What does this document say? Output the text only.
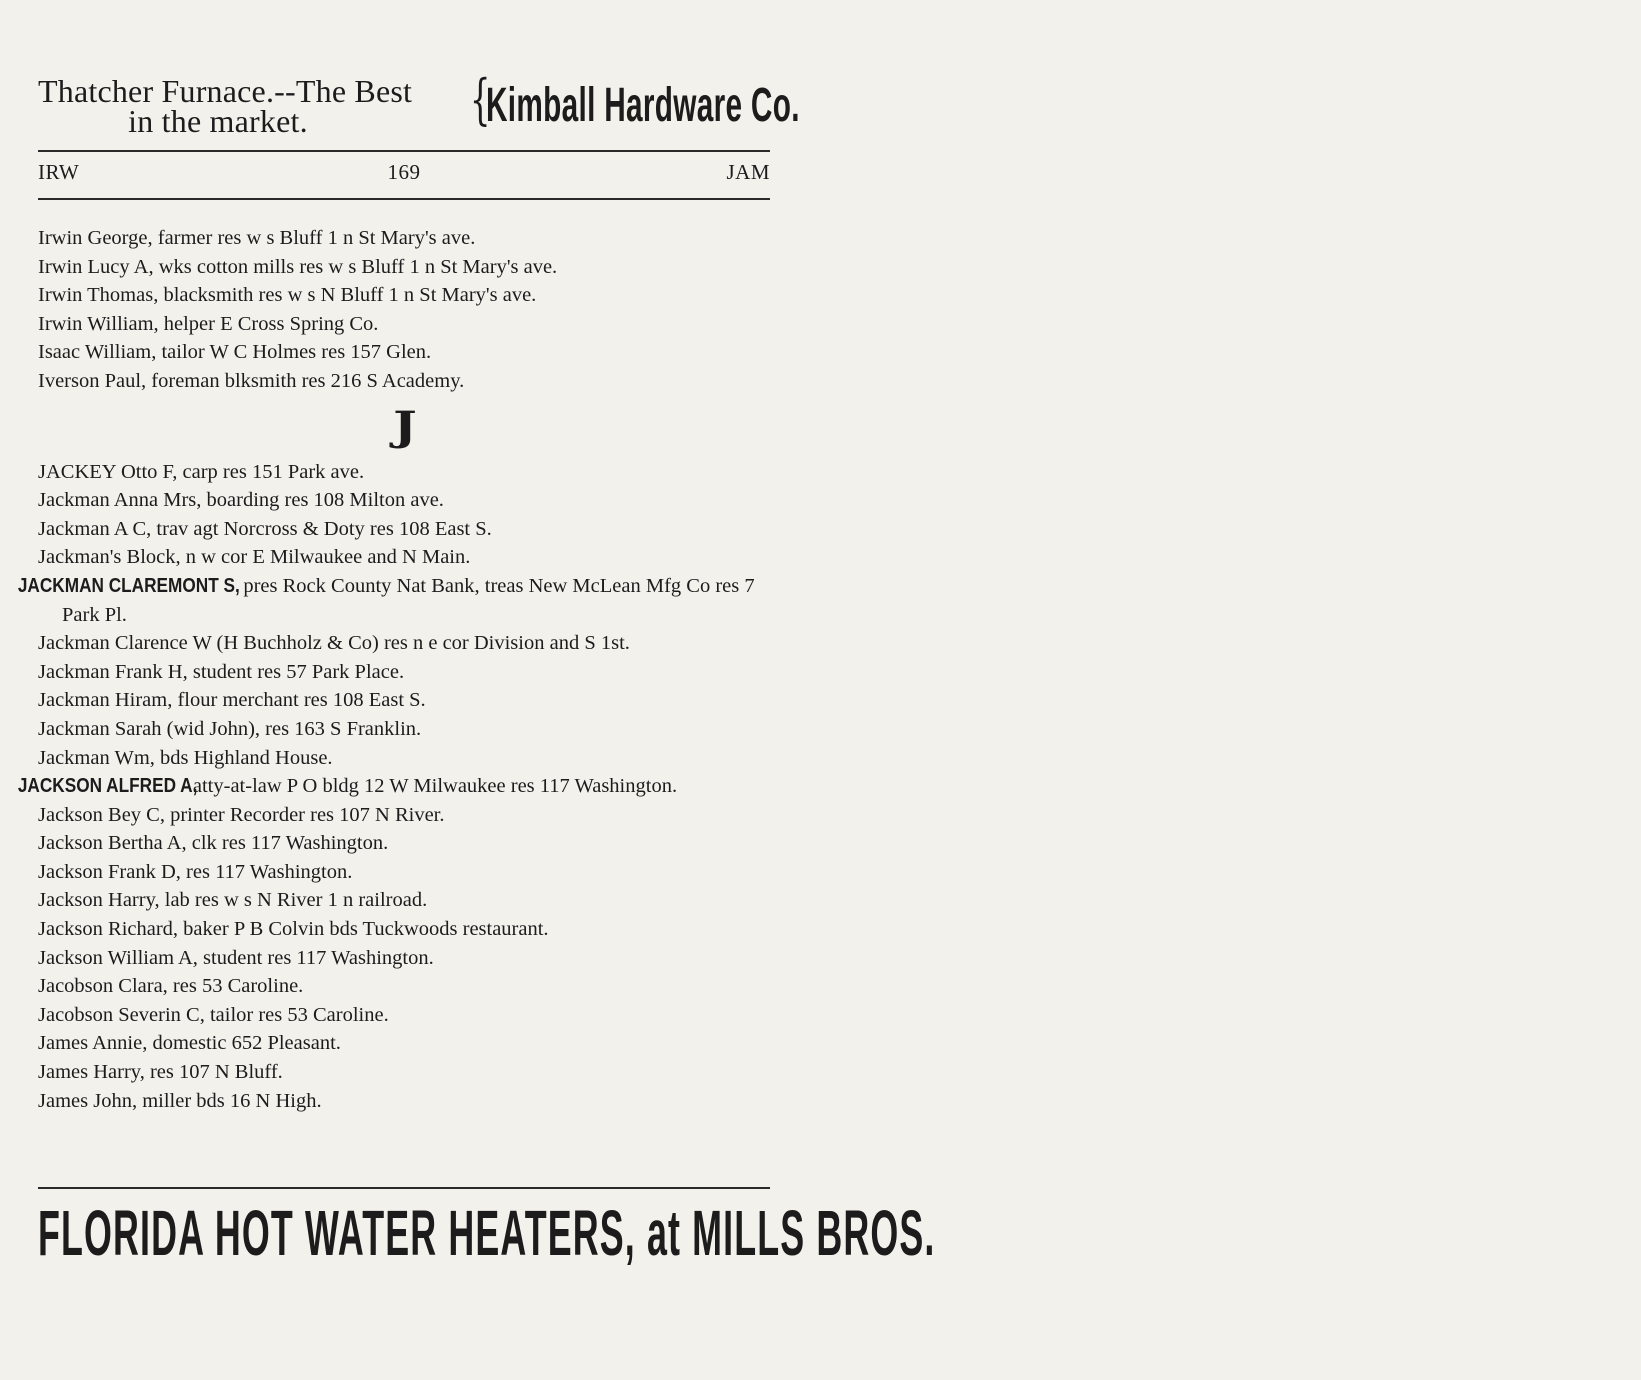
Thatcher Furnace.--The Best
in the market.	{
Kimball Hardware Co.
169
IRW	JAM
Irwin George, farmer res w s Bluff 1 n St Mary's ave.
Irwin Lucy A, wks cotton mills res w s Bluff 1 n St Mary's ave.
Irwin Thomas, blacksmith res w s N Bluff 1 n St Mary's ave.
Irwin William, helper E Cross Spring Co.
Isaac William, tailor W C Holmes res 157 Glen.
Iverson Paul, foreman blksmith res 216 S Academy.
J
JACKEY Otto F, carp res 151 Park ave.
Jackman Anna Mrs, boarding res 108 Milton ave.
Jackman A C, trav agt Norcross & Doty res 108 East S.
Jackman's Block, n w cor E Milwaukee and N Main.
JACKMAN CLAREMONT S, pres Rock County Nat Bank, treas New McLean Mfg Co res 7 Park Pl.
Jackman Clarence W (H Buchholz & Co) res n e cor Division and S 1st.
Jackman Frank H, student res 57 Park Place.
Jackman Hiram, flour merchant res 108 East S.
Jackman Sarah (wid John), res 163 S Franklin.
Jackman Wm, bds Highland House.
JACKSON ALFRED A, atty-at-law P O bldg 12 W Milwaukee res 117 Washington.
Jackson Bey C, printer Recorder res 107 N River.
Jackson Bertha A, clk res 117 Washington.
Jackson Frank D, res 117 Washington.
Jackson Harry, lab res w s N River 1 n railroad.
Jackson Richard, baker P B Colvin bds Tuckwoods restaurant.
Jackson William A, student res 117 Washington.
Jacobson Clara, res 53 Caroline.
Jacobson Severin C, tailor res 53 Caroline.
James Annie, domestic 652 Pleasant.
James Harry, res 107 N Bluff.
James John, miller bds 16 N High.
FLORIDA HOT WATER HEATERS, at MILLS BROS.
